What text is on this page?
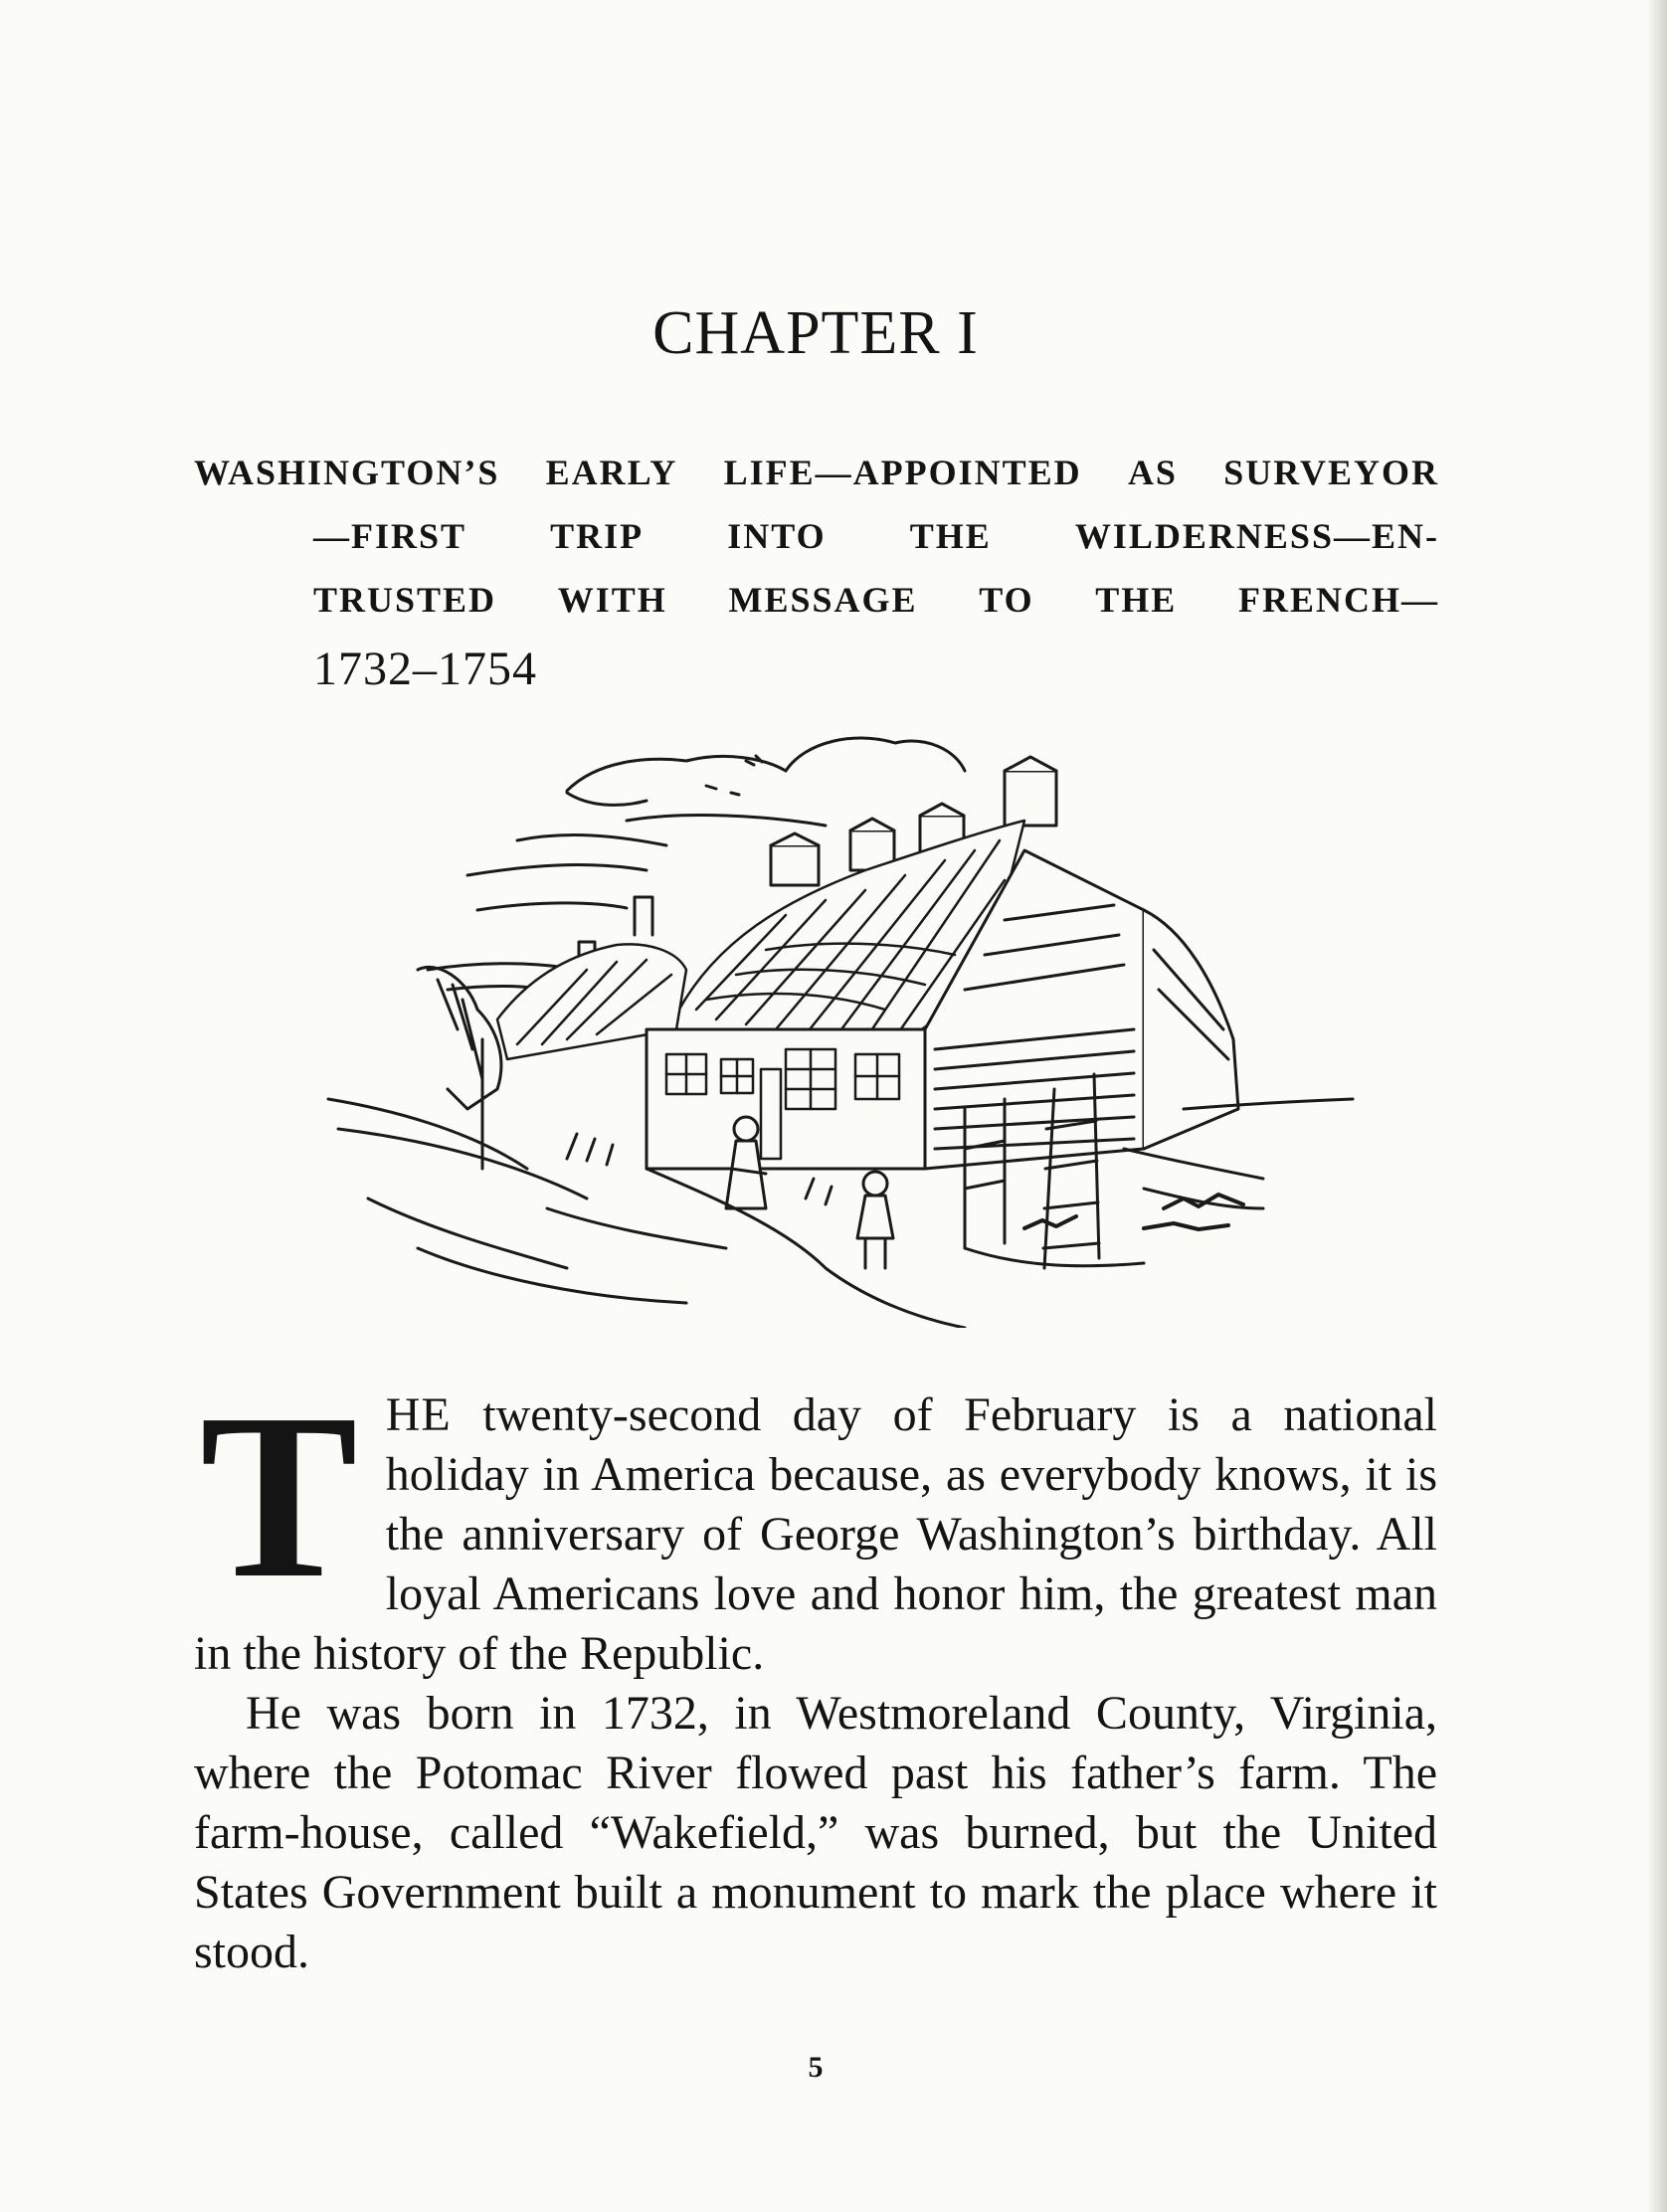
CHAPTER I
WASHINGTON’S EARLY LIFE—APPOINTED AS SURVEYOR
—FIRST TRIP INTO THE WILDERNESS—EN-
TRUSTED WITH MESSAGE TO THE FRENCH—
1732–1754
T HE twenty-second day of February is a national holiday in America because, as everybody knows, it is the anniversary of George Washington’s birthday. All loyal Americans love and honor him, the greatest man in the history of the Republic.

He was born in 1732, in Westmoreland County, Virginia, where the Potomac River flowed past his father’s farm. The farm-house, called “Wakefield,” was burned, but the United States Government built a monument to mark the place where it stood.

5
